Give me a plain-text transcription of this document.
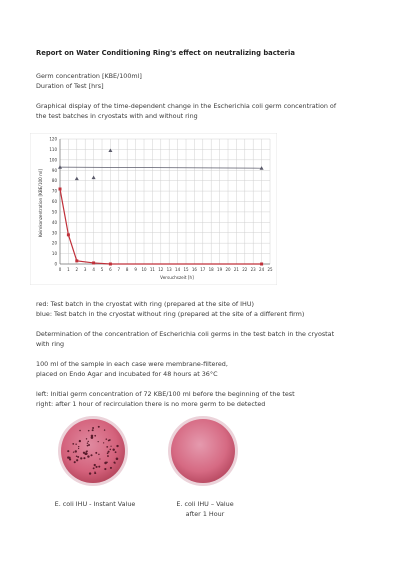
Report on Water Conditioning Ring's effect on neutralizing bacteria
Germ concentration [KBE/100ml]
Duration of Test [hrs]
Graphical display of the time-dependent change in the Escherichia coli germ concentration of
the test batches in cryostats with and without ring
0
10
20
30
40
50
60
70
80
90
100
110
120
0 1 2 3 4 5 6 7 8 9 10 11 12 13 14 15 16 17 18 19 20 21 22 23 24 25
Versuchszeit [h]
Keimkonzentration [KBE/100 ml]
red: Test batch in the cryostat with ring (prepared at the site of IHU)
blue: Test batch in the cryostat without ring (prepared at the site of a different firm)
Determination of the concentration of Escherichia coli germs in the test batch in the cryostat
with ring
100 ml of the sample in each case were membrane-filtered,
placed on Endo Agar and incubated for 48 hours at 36°C
left: Initial germ concentration of 72 KBE/100 ml before the beginning of the test
right: after 1 hour of recirculation there is no more germ to be detected
E. coli IHU - Instant Value	E. coli IHU – Value
after 1 Hour
